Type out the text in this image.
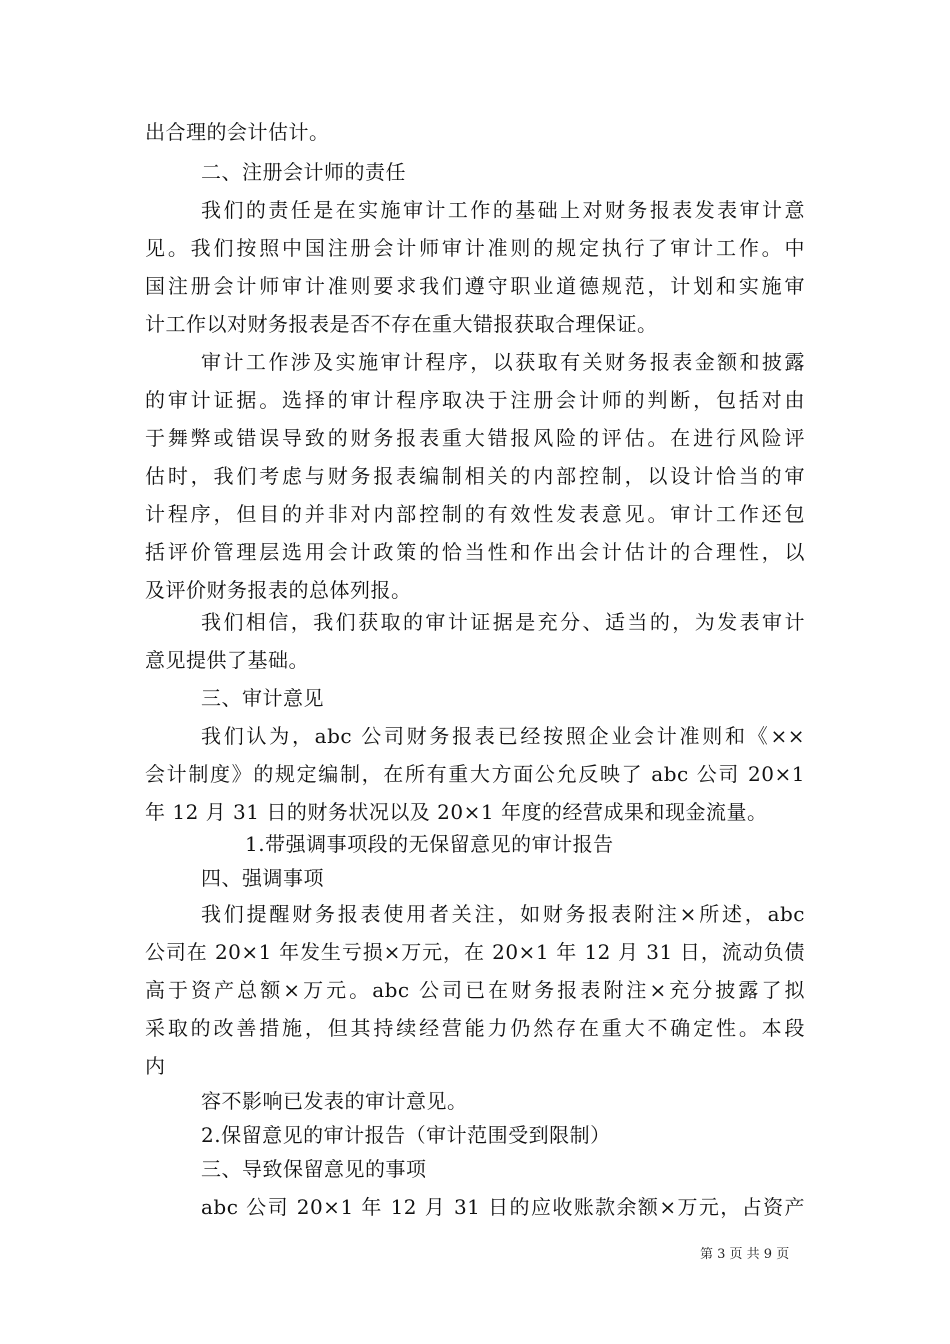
出合理的会计估计。
二、注册会计师的责任
我们的责任是在实施审计工作的基础上对财务报表发表审计意
见。我们按照中国注册会计师审计准则的规定执行了审计工作。中
国注册会计师审计准则要求我们遵守职业道德规范，计划和实施审
计工作以对财务报表是否不存在重大错报获取合理保证。
审计工作涉及实施审计程序，以获取有关财务报表金额和披露
的审计证据。选择的审计程序取决于注册会计师的判断，包括对由
于舞弊或错误导致的财务报表重大错报风险的评估。在进行风险评
估时，我们考虑与财务报表编制相关的内部控制，以设计恰当的审
计程序，但目的并非对内部控制的有效性发表意见。审计工作还包
括评价管理层选用会计政策的恰当性和作出会计估计的合理性，以
及评价财务报表的总体列报。
我们相信，我们获取的审计证据是充分、适当的，为发表审计
意见提供了基础。
三、审计意见
我们认为，abc 公司财务报表已经按照企业会计准则和《××
会计制度》的规定编制，在所有重大方面公允反映了 abc 公司 20×1
年 12 月 31 日的财务状况以及 20×1 年度的经营成果和现金流量。
1.带强调事项段的无保留意见的审计报告
四、强调事项
我们提醒财务报表使用者关注，如财务报表附注×所述，abc
公司在 20×1 年发生亏损×万元，在 20×1 年 12 月 31 日，流动负债
高于资产总额×万元。abc 公司已在财务报表附注×充分披露了拟
采取的改善措施，但其持续经营能力仍然存在重大不确定性。本段
内
容不影响已发表的审计意见。
2.保留意见的审计报告（审计范围受到限制）
三、导致保留意见的事项
abc 公司 20×1 年 12 月 31 日的应收账款余额×万元，占资产
第 3 页 共 9 页
